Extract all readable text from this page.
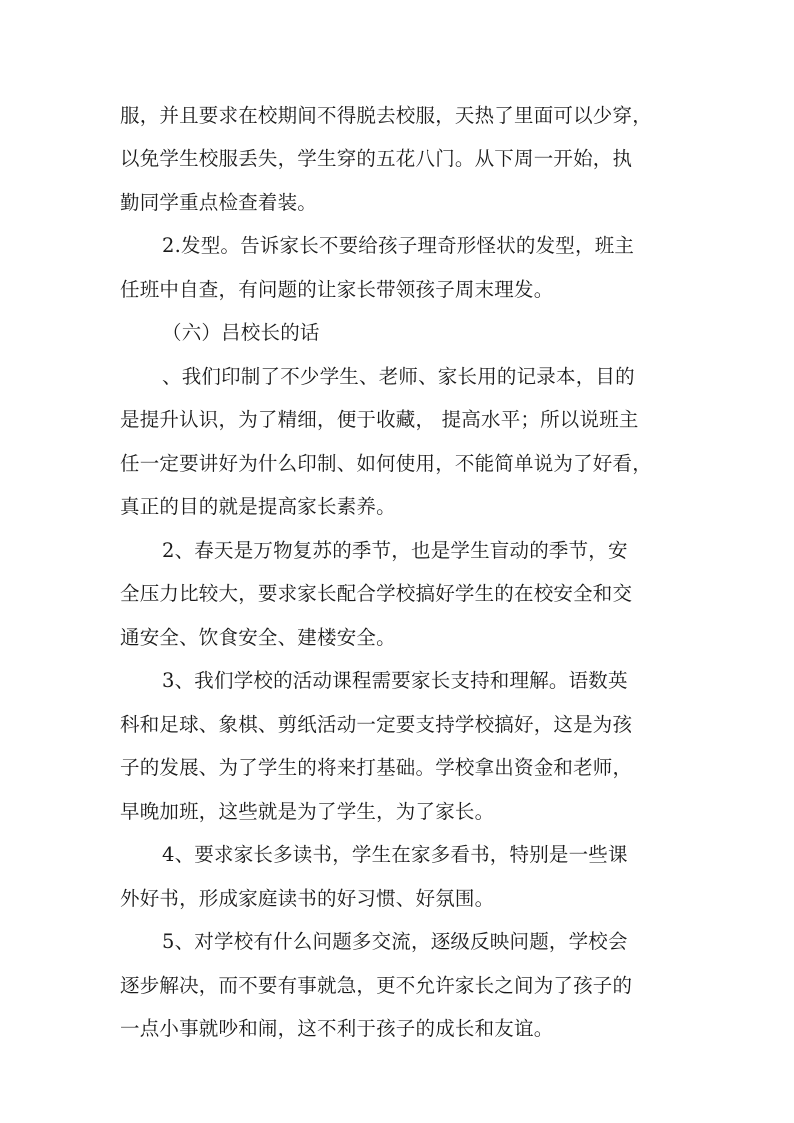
服，并且要求在校期间不得脱去校服，天热了里面可以少穿，
以免学生校服丢失，学生穿的五花八门。从下周一开始，执
勤同学重点检查着装。
2.发型。告诉家长不要给孩子理奇形怪状的发型，班主
任班中自查，有问题的让家长带领孩子周末理发。
（六）吕校长的话
、我们印制了不少学生、老师、家长用的记录本，目的
是提升认识，为了精细，便于收藏， 提高水平；所以说班主
任一定要讲好为什么印制、如何使用，不能简单说为了好看，
真正的目的就是提高家长素养。
2、春天是万物复苏的季节，也是学生盲动的季节，安
全压力比较大，要求家长配合学校搞好学生的在校安全和交
通安全、饮食安全、建楼安全。
3、我们学校的活动课程需要家长支持和理解。语数英
科和足球、象棋、剪纸活动一定要支持学校搞好，这是为孩
子的发展、为了学生的将来打基础。学校拿出资金和老师，
早晚加班，这些就是为了学生，为了家长。
4、要求家长多读书，学生在家多看书，特别是一些课
外好书，形成家庭读书的好习惯、好氛围。
5、对学校有什么问题多交流，逐级反映问题，学校会
逐步解决，而不要有事就急，更不允许家长之间为了孩子的
一点小事就吵和闹，这不利于孩子的成长和友谊。
